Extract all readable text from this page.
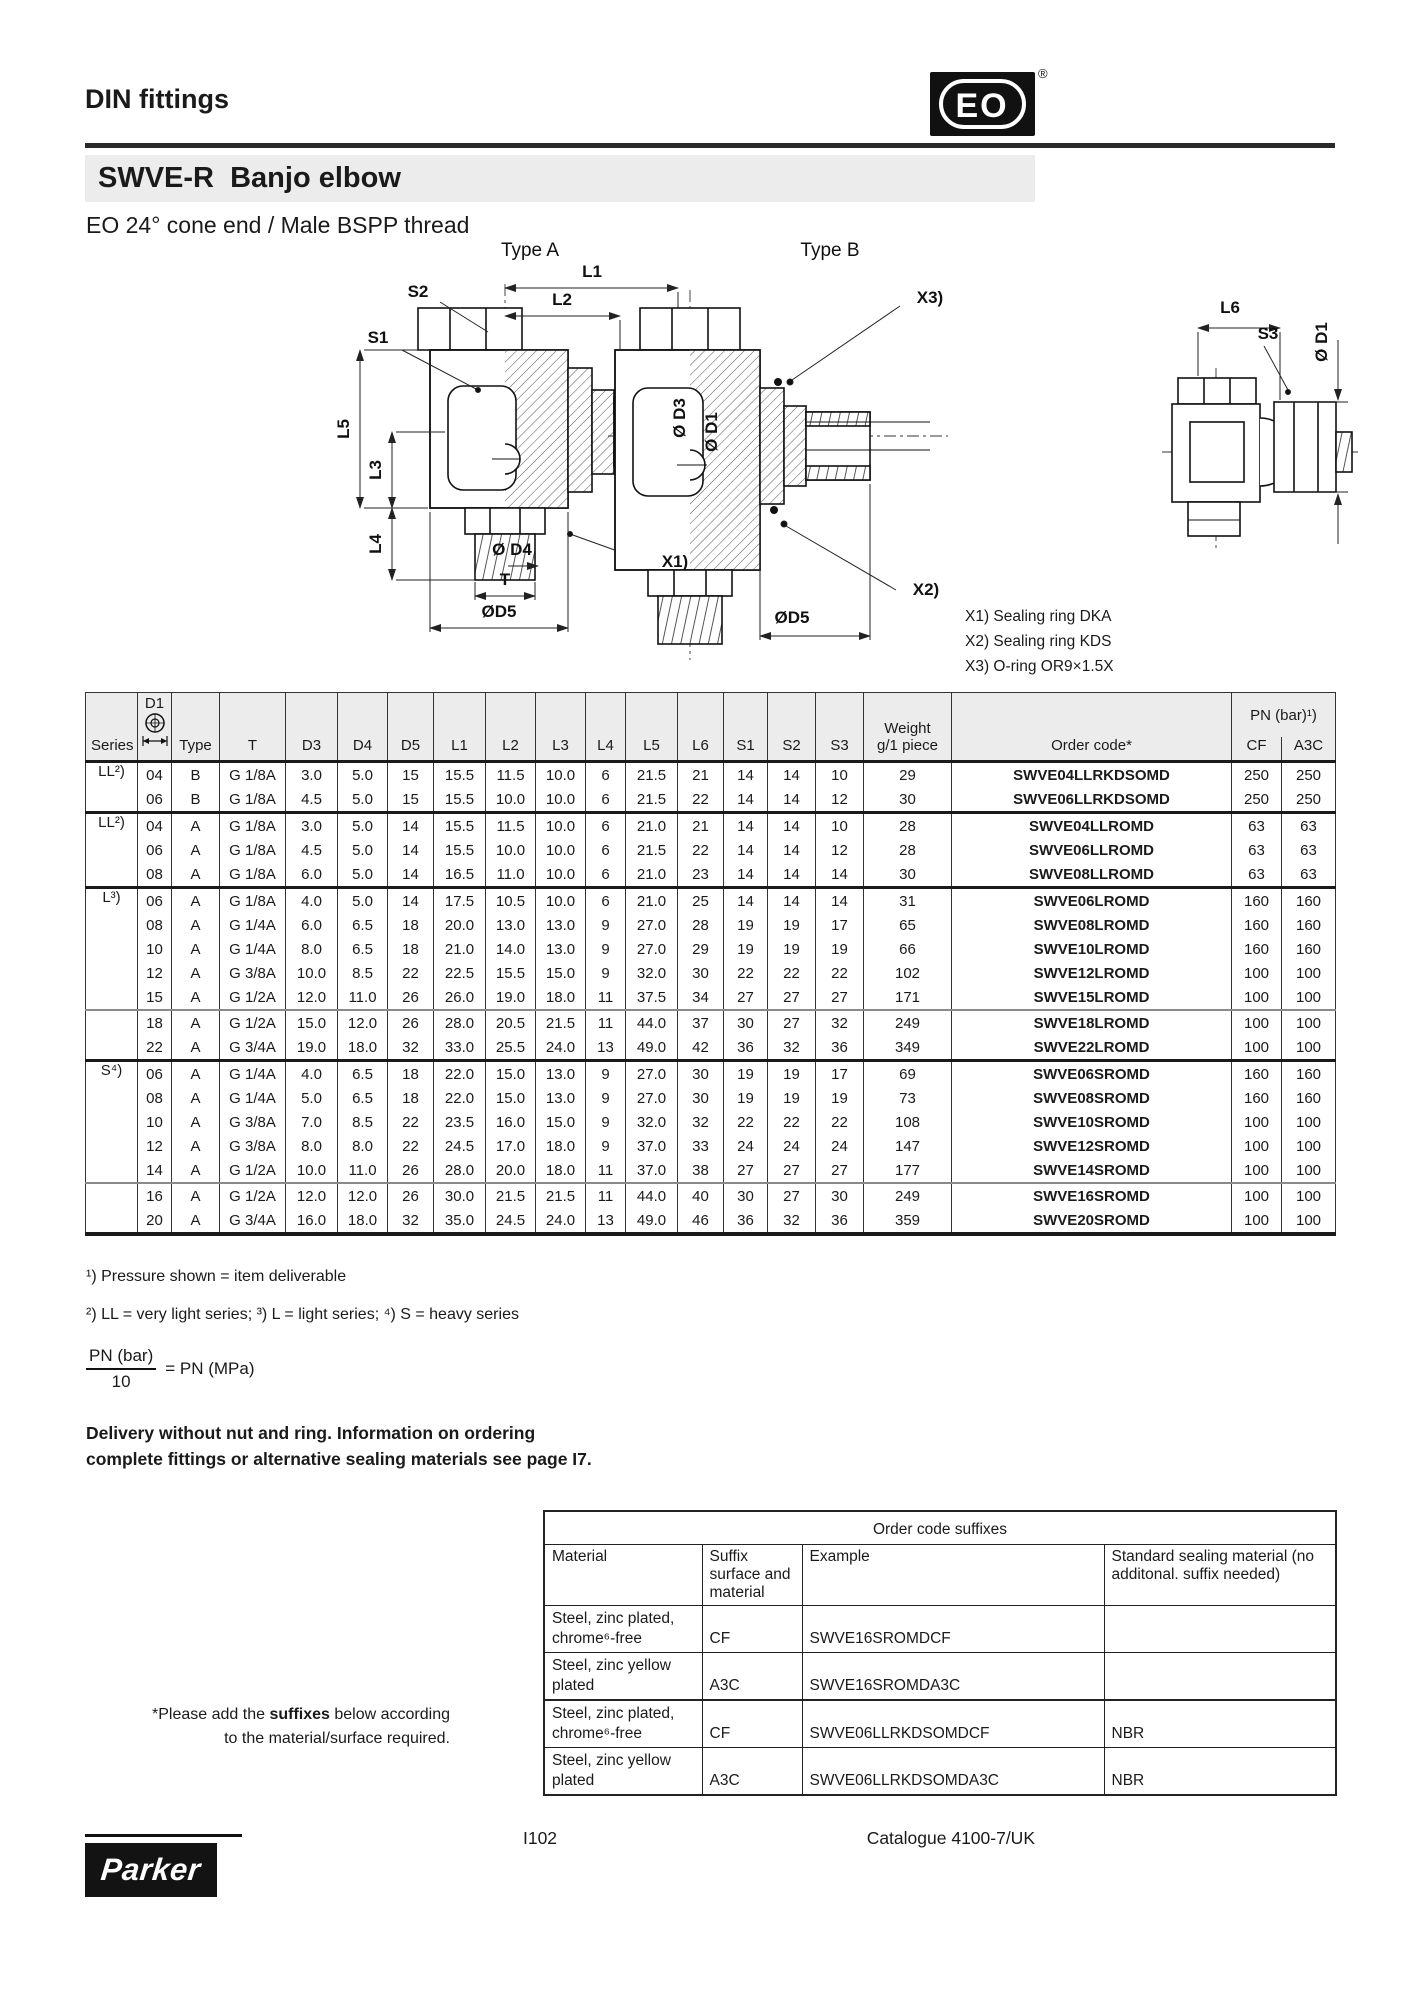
DIN fittings	EO
®
SWVE-R  Banjo elbow
EO 24° cone end / Male BSPP thread
Type A	Type B
L1
L2
S2
S1
L5
L3
L4
Ø D3 Ø D1
X1)
Ø D4
T
ØD5
X3)
X2)
ØD5
L6
S3	Ø D1
X1) Sealing ring DKA
X2) Sealing ring KDS
X3) O-ring OR9×1.5X
Series	D1	Type	T	D3	D4	D5	L1	L2	L3	L4	L5	L6	S1	S2	S3	Weight
g/1 piece	Order code*	PN (bar)¹)	
																		CF	A3C
LL²)	04	B	G 1/8A	3.0	5.0	15	15.5	11.5	10.0	6	21.5	21	14	14	10	29	SWVE04LLRKDSOMD	250	250
	06	B	G 1/8A	4.5	5.0	15	15.5	10.0	10.0	6	21.5	22	14	14	12	30	SWVE06LLRKDSOMD	250	250
LL²)	04	A	G 1/8A	3.0	5.0	14	15.5	11.5	10.0	6	21.0	21	14	14	10	28	SWVE04LLROMD	63	63
	06	A	G 1/8A	4.5	5.0	14	15.5	10.0	10.0	6	21.5	22	14	14	12	28	SWVE06LLROMD	63	63
	08	A	G 1/8A	6.0	5.0	14	16.5	11.0	10.0	6	21.0	23	14	14	14	30	SWVE08LLROMD	63	63
L³)	06	A	G 1/8A	4.0	5.0	14	17.5	10.5	10.0	6	21.0	25	14	14	14	31	SWVE06LROMD	160	160
	08	A	G 1/4A	6.0	6.5	18	20.0	13.0	13.0	9	27.0	28	19	19	17	65	SWVE08LROMD	160	160
	10	A	G 1/4A	8.0	6.5	18	21.0	14.0	13.0	9	27.0	29	19	19	19	66	SWVE10LROMD	160	160
	12	A	G 3/8A	10.0	8.5	22	22.5	15.5	15.0	9	32.0	30	22	22	22	102	SWVE12LROMD	100	100
	15	A	G 1/2A	12.0	11.0	26	26.0	19.0	18.0	11	37.5	34	27	27	27	171	SWVE15LROMD	100	100
	18	A	G 1/2A	15.0	12.0	26	28.0	20.5	21.5	11	44.0	37	30	27	32	249	SWVE18LROMD	100	100
	22	A	G 3/4A	19.0	18.0	32	33.0	25.5	24.0	13	49.0	42	36	32	36	349	SWVE22LROMD	100	100
S⁴)	06	A	G 1/4A	4.0	6.5	18	22.0	15.0	13.0	9	27.0	30	19	19	17	69	SWVE06SROMD	160	160
	08	A	G 1/4A	5.0	6.5	18	22.0	15.0	13.0	9	27.0	30	19	19	19	73	SWVE08SROMD	160	160
	10	A	G 3/8A	7.0	8.5	22	23.5	16.0	15.0	9	32.0	32	22	22	22	108	SWVE10SROMD	100	100
	12	A	G 3/8A	8.0	8.0	22	24.5	17.0	18.0	9	37.0	33	24	24	24	147	SWVE12SROMD	100	100
	14	A	G 1/2A	10.0	11.0	26	28.0	20.0	18.0	11	37.0	38	27	27	27	177	SWVE14SROMD	100	100
	16	A	G 1/2A	12.0	12.0	26	30.0	21.5	21.5	11	44.0	40	30	27	30	249	SWVE16SROMD	100	100
	20	A	G 3/4A	16.0	18.0	32	35.0	24.5	24.0	13	49.0	46	36	32	36	359	SWVE20SROMD	100	100
¹) Pressure shown = item deliverable
²) LL = very light series; ³) L = light series; ⁴) S = heavy series
$\frac{\text{PN (bar)}}{10}$ = PN (MPa)
Delivery without nut and ring. Information on ordering complete fittings or alternative sealing materials see page I7.
*Please add the suffixes below according to the material/surface required.
Order code suffixes			
Material	Suffix surface and material	Example	Standard sealing material (no additonal. suffix needed)
Steel, zinc plated, chrome⁶-free	CF	SWVE16SROMDCF	
Steel, zinc yellow plated	A3C	SWVE16SROMDA3C	
Steel, zinc plated, chrome⁶-free	CF	SWVE06LLRKDSOMDCF	NBR
Steel, zinc yellow plated	A3C	SWVE06LLRKDSOMDA3C	NBR
I102	Catalogue 4100-7/UK
Parker
